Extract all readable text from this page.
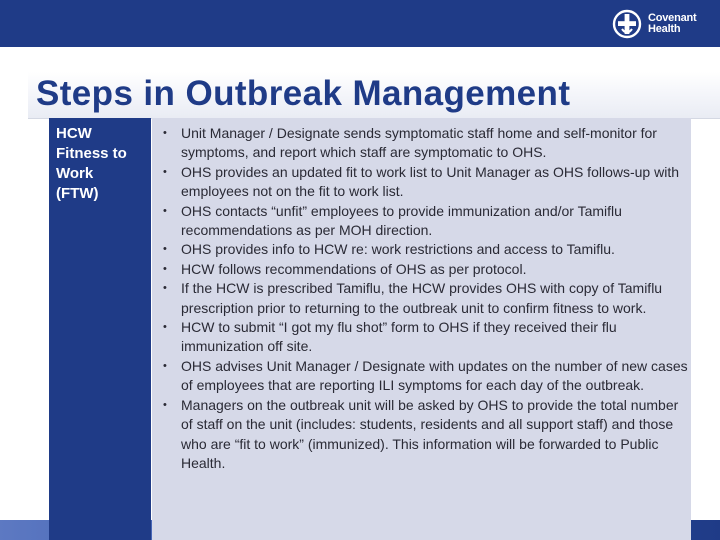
Covenant
Health
Steps in Outbreak Management
HCW
Fitness to
Work
(FTW)
•	Unit Manager / Designate sends symptomatic staff home and self-monitor for symptoms, and report which staff are symptomatic to OHS.
•	OHS provides an updated fit to work list to Unit Manager as OHS follows-up with employees not on the fit to work list.
•	OHS contacts “unfit” employees to provide immunization and/or Tamiflu recommendations as per MOH direction.
•	OHS provides info to HCW re: work restrictions and access to Tamiflu.
•	HCW follows recommendations of OHS as per protocol.
•	If the HCW is prescribed Tamiflu, the HCW provides OHS with copy of Tamiflu prescription prior to returning to the outbreak unit to confirm fitness to work.
•	HCW to submit “I got my flu shot” form to OHS if they received their flu immunization off site.
•	OHS advises Unit Manager / Designate with updates on the number of new cases of employees that are reporting ILI symptoms for each day of the outbreak.
•	Managers on the outbreak unit will be asked by OHS to provide the total number of staff on the unit (includes: students, residents and all support staff) and those who are “fit to work” (immunized). This information will be forwarded to Public Health.
